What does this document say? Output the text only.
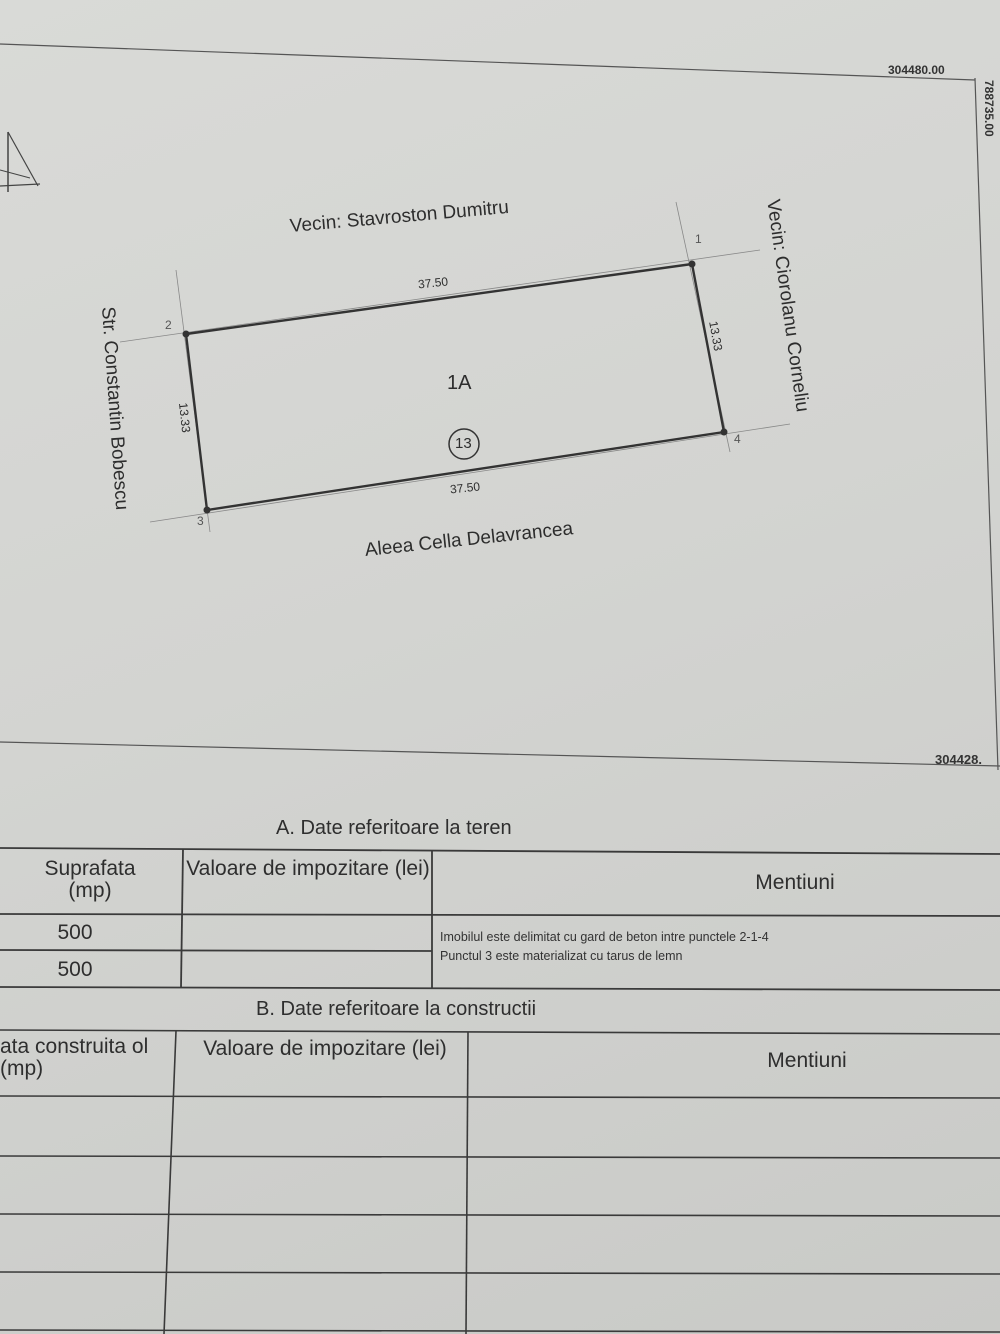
304480.00
788735.00
304428.
Vecin: Stavroston Dumitru	Vecin: Ciorolanu Corneliu
Str. Constantin Bobescu
Aleea Cella Delavrancea
1A
13
37.50
37.50
13.33
13.33
1
2
3
4
A. Date referitoare la teren
Suprafata (mp)
Valoare de impozitare (lei)
Mentiuni
500
500
Imobilul este delimitat cu gard de beton intre punctele 2-1-4
Punctul 3 este materializat cu tarus de lemn
B. Date referitoare la constructii
ata construita ol (mp)
Valoare de impozitare (lei)
Mentiuni
